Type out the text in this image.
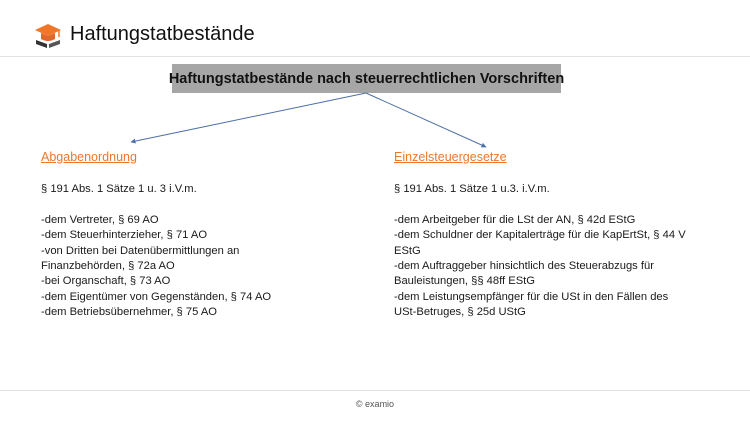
Haftungstatbestände
Haftungstatbestände nach steuerrechtlichen Vorschriften
Abgabenordnung
§ 191 Abs. 1 Sätze 1 u. 3 i.V.m.
-dem Vertreter, § 69 AO
-dem Steuerhinterzieher, § 71 AO
-von Dritten bei Datenübermittlungen an
Finanzbehörden, § 72a AO
-bei Organschaft, § 73 AO
-dem Eigentümer von Gegenständen, § 74 AO
-dem Betriebsübernehmer, § 75 AO
Einzelsteuergesetze
§ 191 Abs. 1 Sätze 1 u.3. i.V.m.
-dem Arbeitgeber für die LSt der AN, § 42d EStG
-dem Schuldner der Kapitalerträge für die KapErtSt, § 44 V
EStG
-dem Auftraggeber hinsichtlich des Steuerabzugs für
Bauleistungen, §§ 48ff EStG
-dem Leistungsempfänger für die USt in den Fällen des
USt-Betruges, § 25d UStG
© examio
